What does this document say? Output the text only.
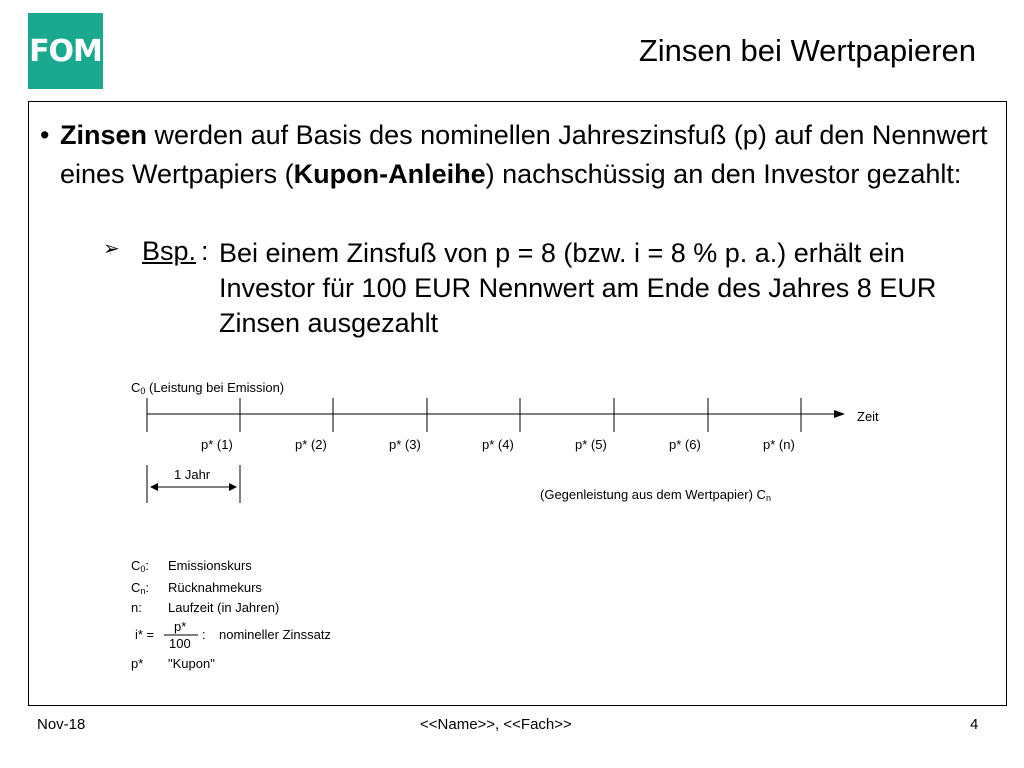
FOM	Zinsen bei Wertpapieren
• Zinsen werden auf Basis des nominellen Jahreszinsfuß (p) auf den Nennwert eines Wertpapiers (Kupon-Anleihe) nachschüssig an den Investor gezahlt:
➢ Bsp. : Bei einem Zinsfuß von p = 8 (bzw. i = 8 % p. a.) erhält ein Investor für 100 EUR Nennwert am Ende des Jahres 8 EUR Zinsen ausgezahlt
C0 (Leistung bei Emission)
Zeit
p* (1)	p* (2)	p* (3)	p* (4)	p* (5)	p* (6)	p* (n)
1 Jahr
(Gegenleistung aus dem Wertpapier) Cn
C0: Emissionskurs
Cn: Rücknahmekurs
n: Laufzeit (in Jahren)
i* =
p*
100
: nomineller Zinssatz
p* "Kupon"
Nov-18	<<Name>>, <<Fach>>	4
